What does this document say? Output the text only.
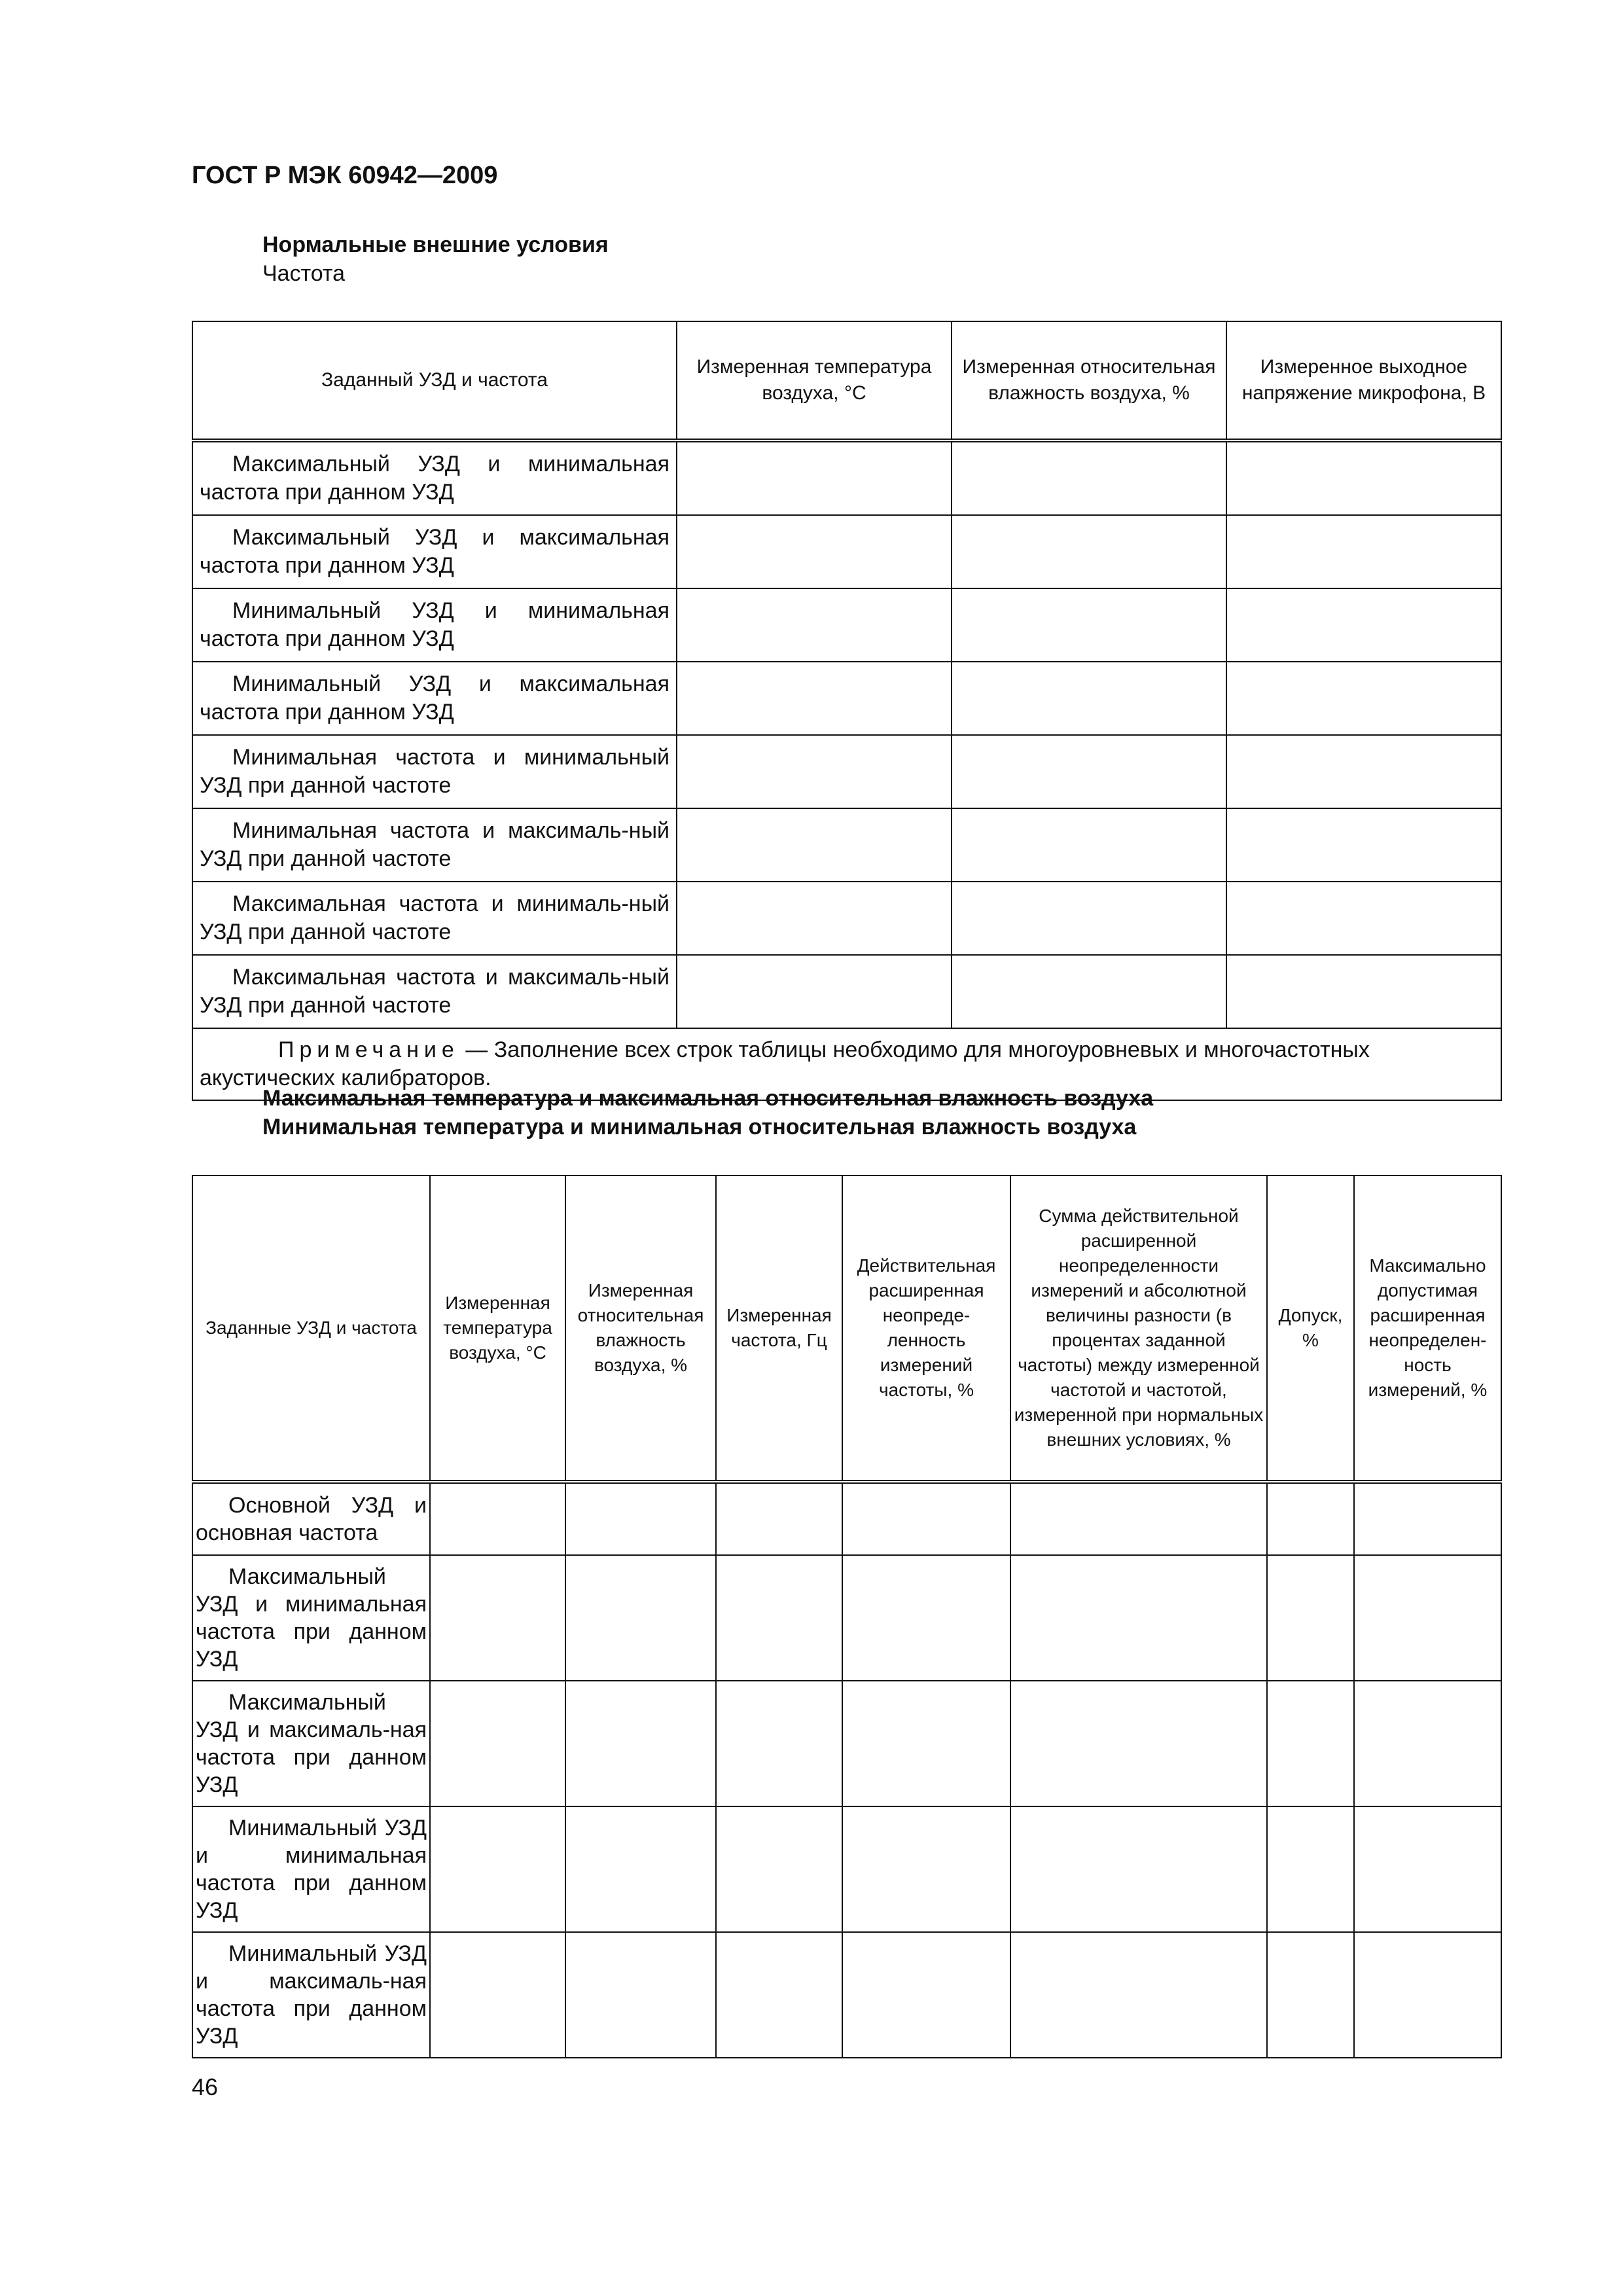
ГОСТ Р МЭК 60942—2009
Нормальные внешние условия
Частота
Заданный УЗД и частота	Измеренная температура воздуха, °С	Измеренная относительная влажность воздуха, %	Измеренное выходное напряжение микрофона, В
Максимальный УЗД и минимальная частота при данном УЗД			
Максимальный УЗД и максимальная частота при данном УЗД			
Минимальный УЗД и минимальная частота при данном УЗД			
Минимальный УЗД и максимальная частота при данном УЗД			
Минимальная частота и минимальный УЗД при данной частоте			
Минимальная частота и максималь-ный УЗД при данной частоте			
Максимальная частота и минималь-ный УЗД при данной частоте			
Максимальная частота и максималь-ный УЗД при данной частоте			
Примечание — Заполнение всех строк таблицы необходимо для многоуровневых и многочастотных акустических калибраторов.			
Максимальная температура и максимальная относительная влажность воздуха
Минимальная температура и минимальная относительная влажность воздуха
Заданные УЗД и частота	Измеренная температура воздуха, °С	Измеренная относительная влажность воздуха, %	Измеренная частота, Гц	Действительная расширенная неопреде-ленность измерений частоты, %	Сумма действительной расширенной неопределенности измерений и абсолютной величины разности (в процентах заданной частоты) между измеренной частотой и частотой, измеренной при нормальных внешних условиях, %	Допуск, %	Максимально допустимая расширенная неопределен-ность измерений, %
Основной УЗД и основная частота							
Максимальный УЗД и минимальная частота при данном УЗД							
Максимальный УЗД и максималь-ная частота при данном УЗД							
Минимальный УЗД и минимальная частота при данном УЗД							
Минимальный УЗД и максималь-ная частота при данном УЗД							
46
